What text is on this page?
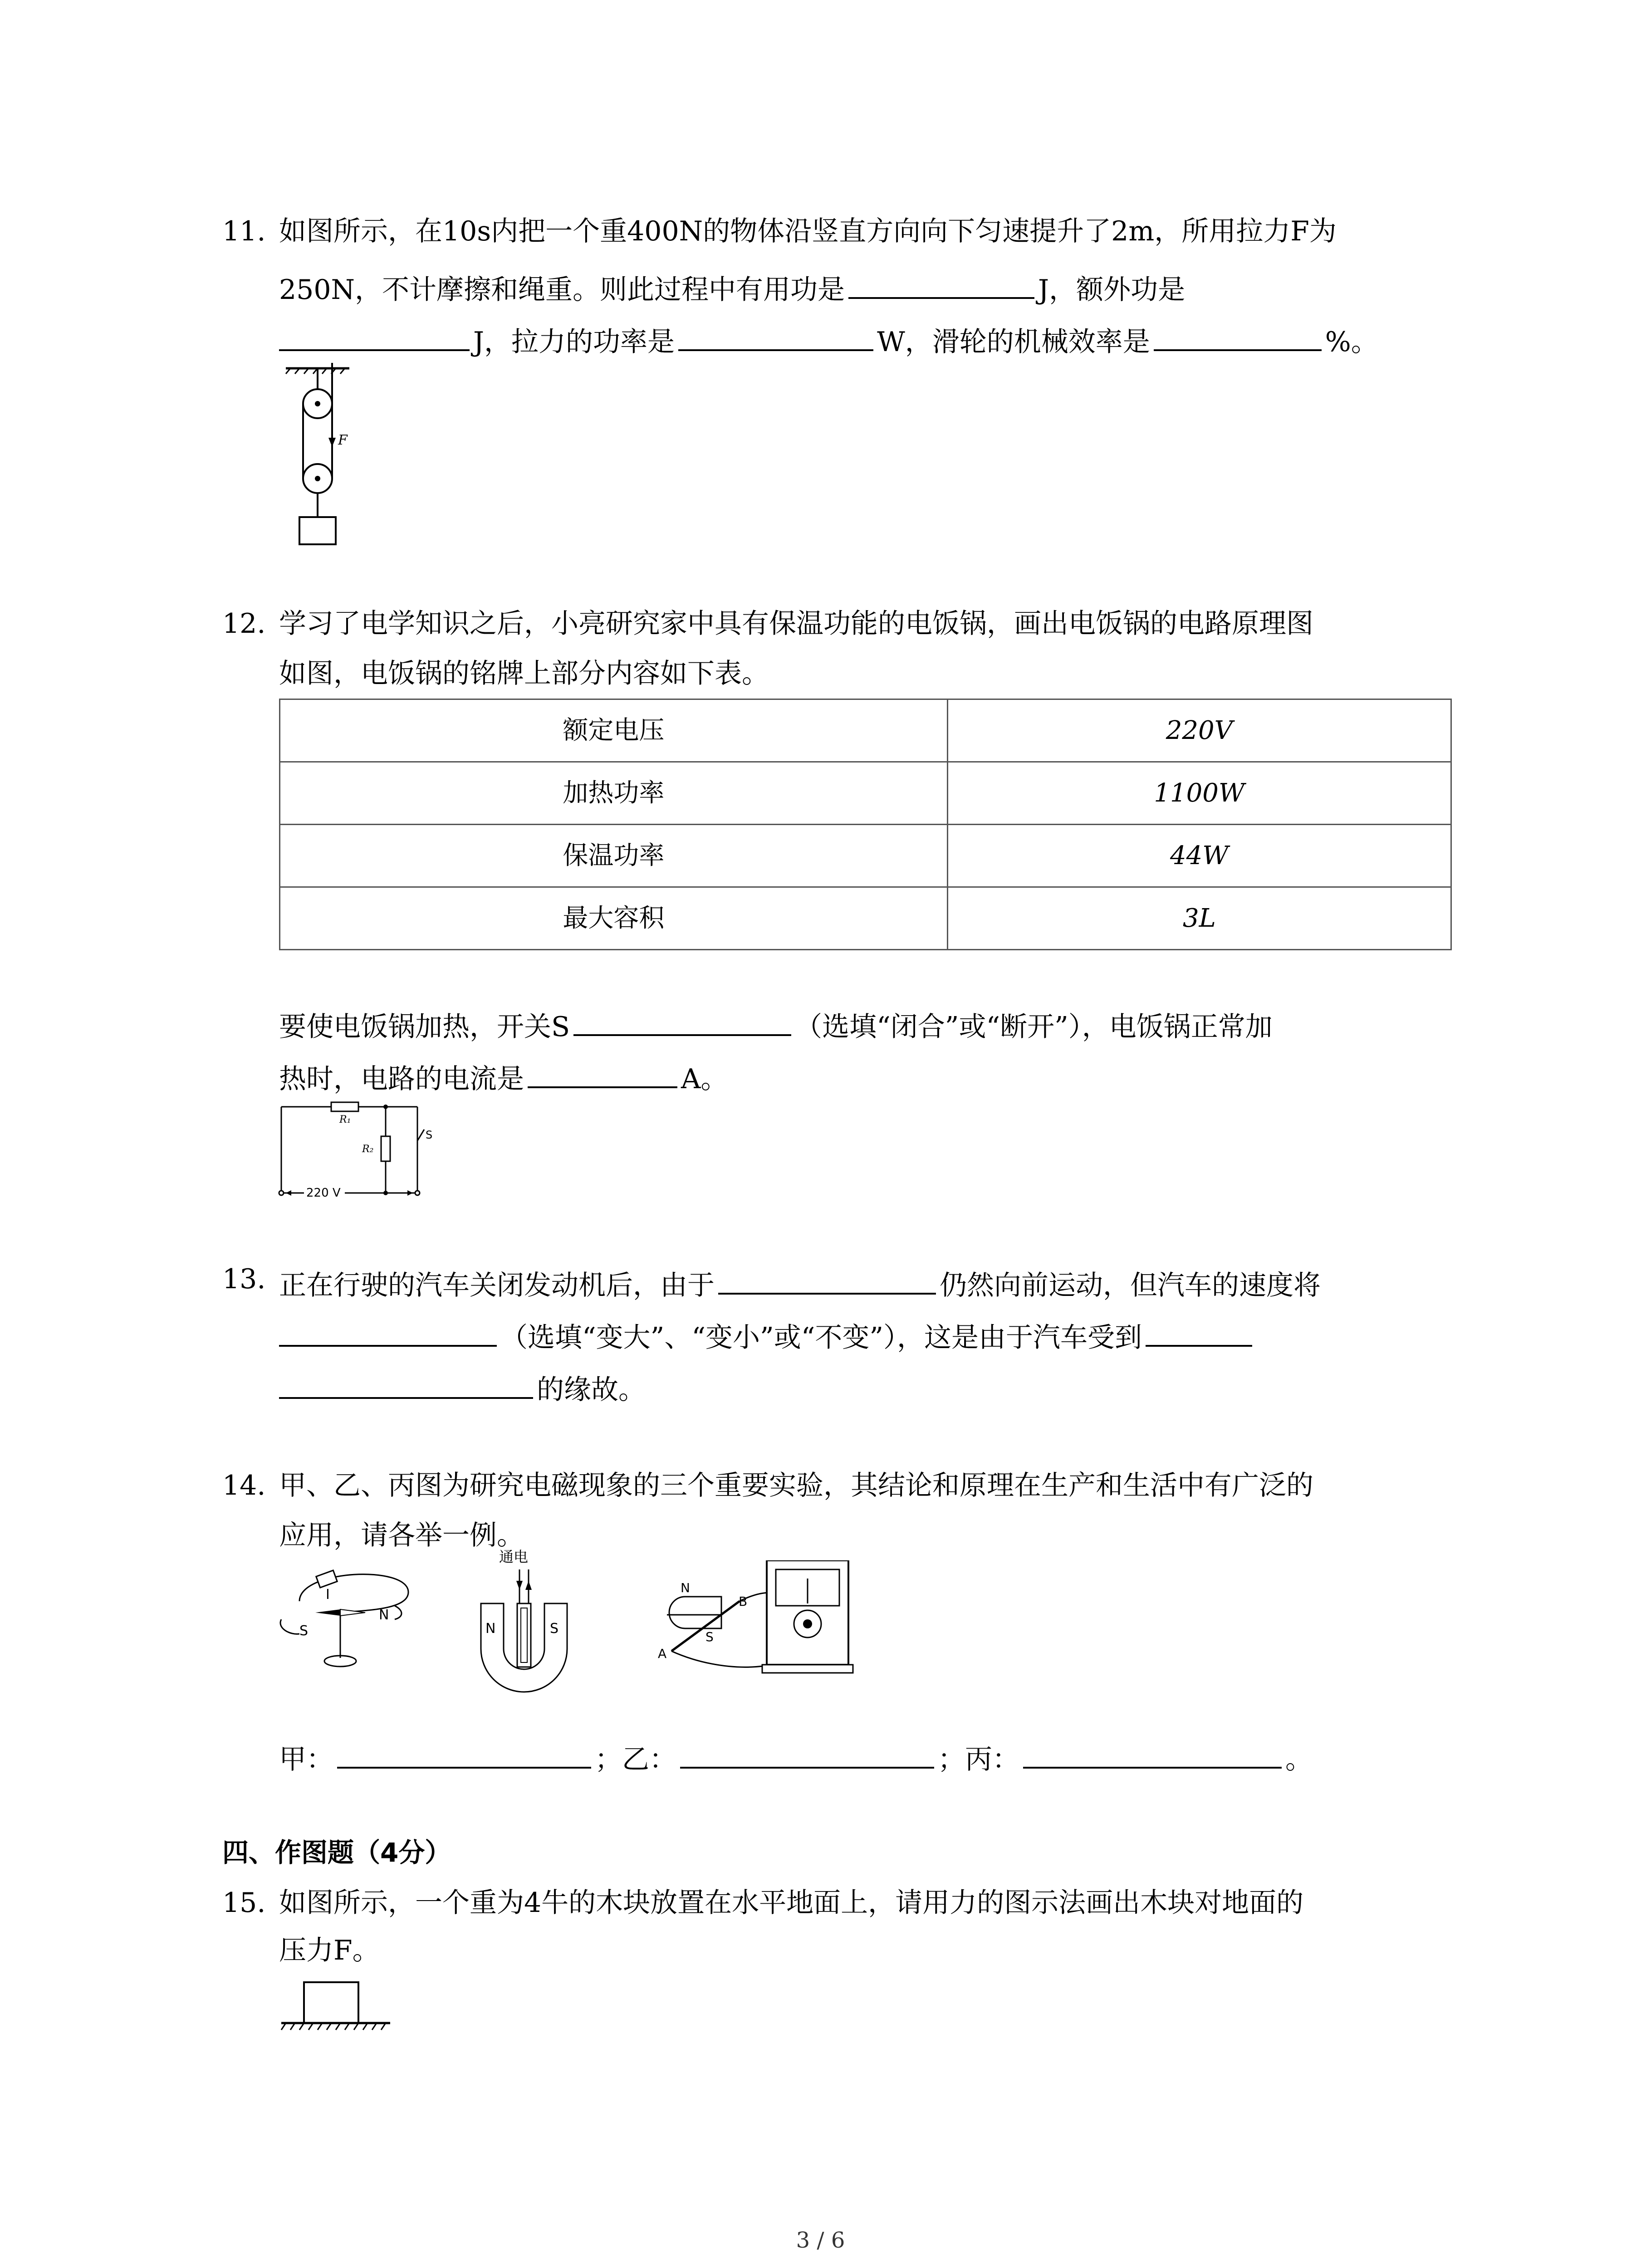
11. 如图所示，在10s内把一个重400N的物体沿竖直方向向下匀速提升了2m，所用拉力F为
250N，不计摩擦和绳重。则此过程中有用功是	J，额外功是
J，拉力的功率是	W，滑轮的机械效率是	%。
F
12. 学习了电学知识之后，小亮研究家中具有保温功能的电饭锅，画出电饭锅的电路原理图
如图，电饭锅的铭牌上部分内容如下表。
额定电压	220V
加热功率	1100W
保温功率	44W
最大容积	3L
要使电饭锅加热，开关S	（选填“闭合”或“断开”），电饭锅正常加
热时，电路的电流是	A。
R₁
R₂
S
220 V
13. 正在行驶的汽车关闭发动机后，由于	仍然向前运动，但汽车的速度将
（选填“变大”、“变小”或“不变”），这是由于汽车受到
的缘故。
14. 甲、乙、丙图为研究电磁现象的三个重要实验，其结论和原理在生产和生活中有广泛的
应用，请各举一例。
I
S
N
通电
N	S
N
S
B
A
甲：	；乙：	；丙：	。
四、作图题（4分）
15. 如图所示，一个重为4牛的木块放置在水平地面上，请用力的图示法画出木块对地面的
压力F。
3 / 6
